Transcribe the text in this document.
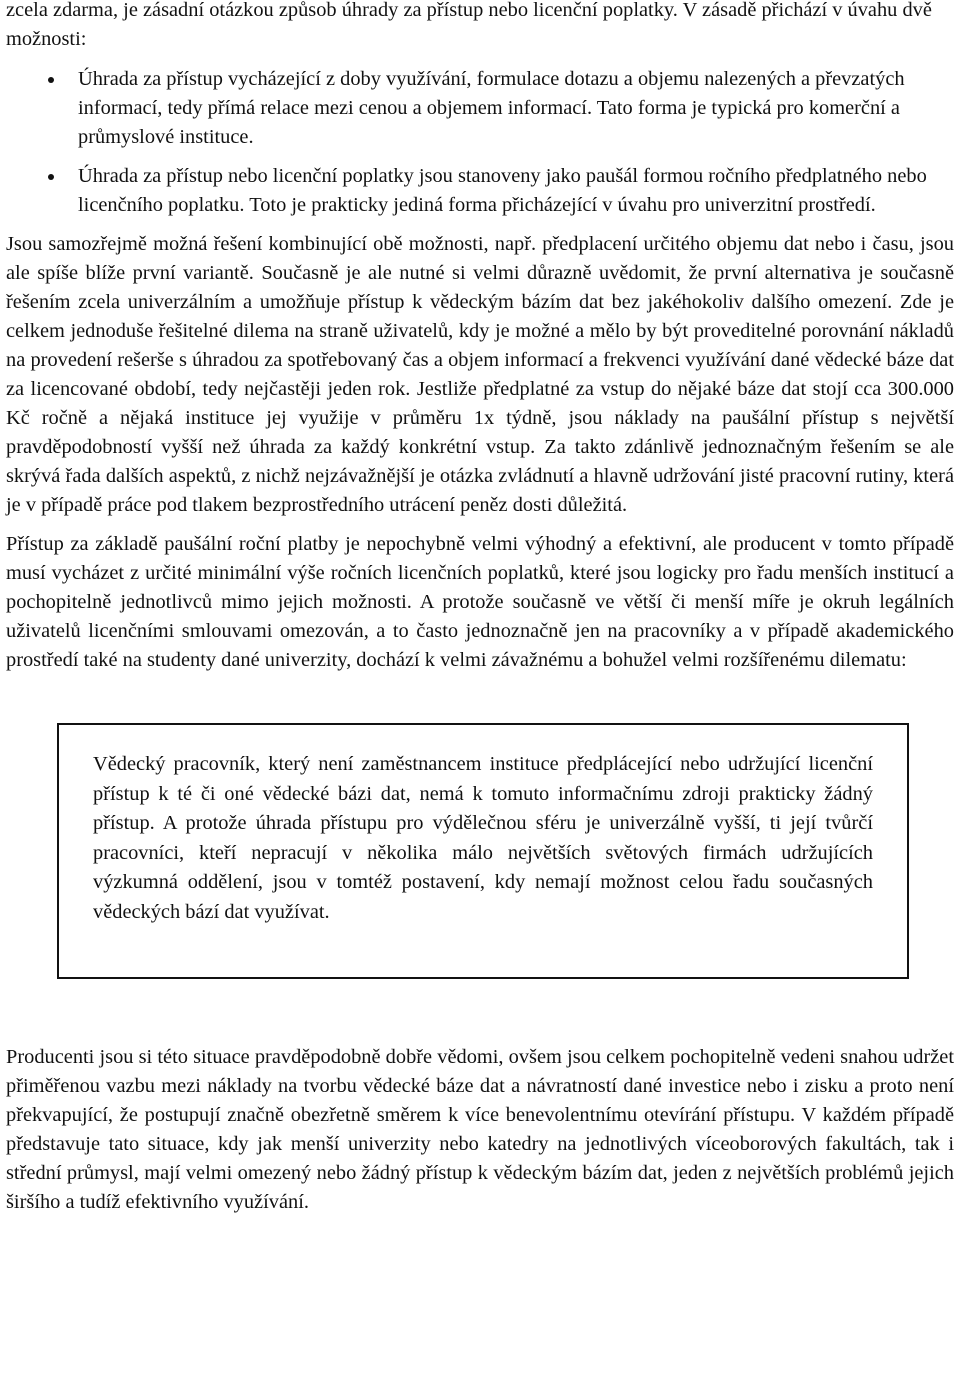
zcela zdarma, je zásadní otázkou způsob úhrady za přístup nebo licenční poplatky. V zásadě přichází v úvahu dvě možnosti:

Úhrada za přístup vycházející z doby využívání, formulace dotazu a objemu nalezených a převzatých informací, tedy přímá relace mezi cenou a objemem informací. Tato forma je typická pro komerční a průmyslové instituce.
Úhrada za přístup nebo licenční poplatky jsou stanoveny jako paušál formou ročního předplatného nebo licenčního poplatku. Toto je prakticky jediná forma přicházející v úvahu pro univerzitní prostředí.

Jsou samozřejmě možná řešení kombinující obě možnosti, např. předplacení určitého objemu dat nebo i času, jsou ale spíše blíže první variantě. Současně je ale nutné si velmi důrazně uvědomit, že první alternativa je současně řešením zcela univerzálním a umožňuje přístup k vědeckým bázím dat bez jakéhokoliv dalšího omezení. Zde je celkem jednoduše řešitelné dilema na straně uživatelů, kdy je možné a mělo by být proveditelné porovnání nákladů na provedení rešerše s úhradou za spotřebovaný čas a objem informací a frekvenci využívání dané vědecké báze dat za licencované období, tedy nejčastěji jeden rok. Jestliže předplatné za vstup do nějaké báze dat stojí cca 300.000 Kč ročně a nějaká instituce jej využije v průměru 1x týdně, jsou náklady na paušální přístup s největší pravděpodobností vyšší než úhrada za každý konkrétní vstup. Za takto zdánlivě jednoznačným řešením se ale skrývá řada dalších aspektů, z nichž nejzávažnější je otázka zvládnutí a hlavně udržování jisté pracovní rutiny, která je v případě práce pod tlakem bezprostředního utrácení peněz dosti důležitá.

Přístup za základě paušální roční platby je nepochybně velmi výhodný a efektivní, ale producent v tomto případě musí vycházet z určité minimální výše ročních licenčních poplatků, které jsou logicky pro řadu menších institucí a pochopitelně jednotlivců mimo jejich možnosti. A protože současně ve větší či menší míře je okruh legálních uživatelů licenčními smlouvami omezován, a to často jednoznačně jen na pracovníky a v případě akademického prostředí také na studenty dané univerzity, dochází k velmi závažnému a bohužel velmi rozšířenému dilematu:

Vědecký pracovník, který není zaměstnancem instituce předplácející nebo udržující licenční přístup k té či oné vědecké bázi dat, nemá k tomuto informačnímu zdroji prakticky žádný přístup. A protože úhrada přístupu pro výdělečnou sféru je univerzálně vyšší, ti její tvůrčí pracovníci, kteří nepracují v několika málo největších světových firmách udržujících výzkumná oddělení, jsou v tomtéž postavení, kdy nemají možnost celou řadu současných vědeckých bází dat využívat.

Producenti jsou si této situace pravděpodobně dobře vědomi, ovšem jsou celkem pochopitelně vedeni snahou udržet přiměřenou vazbu mezi náklady na tvorbu vědecké báze dat a návratností dané investice nebo i zisku a proto není překvapující, že postupují značně obezřetně směrem k více benevolentnímu otevírání přístupu. V každém případě představuje tato situace, kdy jak menší univerzity nebo katedry na jednotlivých víceoborových fakultách, tak i střední průmysl, mají velmi omezený nebo žádný přístup k vědeckým bázím dat, jeden z největších problémů jejich širšího a tudíž efektivního využívání.
